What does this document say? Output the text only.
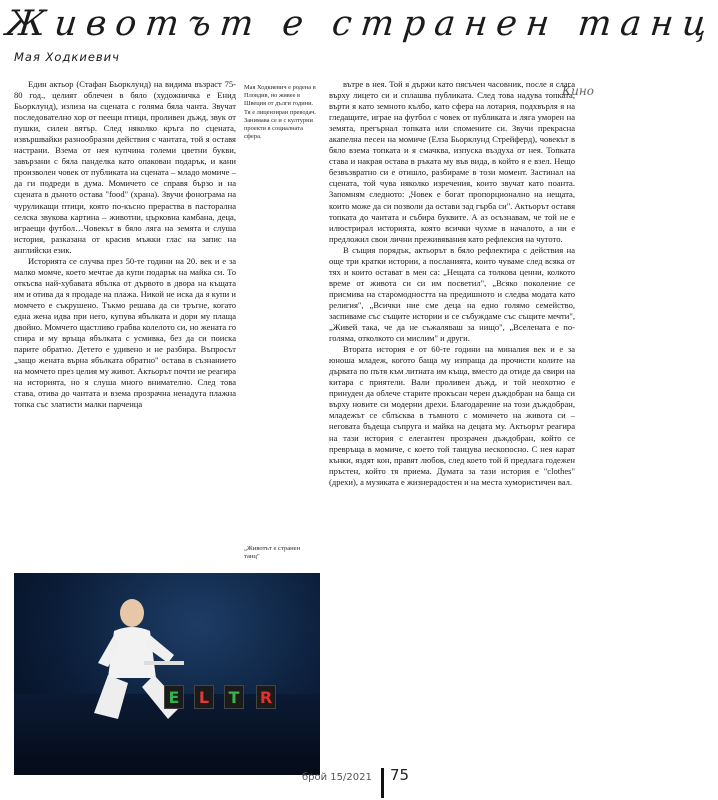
Животът е странен танц
Мая Ходкиевич
Кино

Един актьор (Стафан Бьорклунд) на видима възраст 75-80 год., целият облечен в бяло (художничка е Енид Бьорклунд), излиза на сцената с голяма бяла чанта. Звучат последователно хор от пеещи птици, проливен дъжд, звук от пушки, силен вятър. След няколко кръга по сцената, извършвайки разнообразни действия с чантата, той я оставя настрани. Взема от нея купчина големи цветни букви, завързани с бяла панделка като опакован подарък, и кани произволен човек от публиката на сцената – младо момиче – да ги подреди в дума. Момичето се справя бързо и на сцената в дъното остава "food" (храна). Звучи фонограма на чуруликащи птици, която по-късно прераства в пасторална селска звукова картина – животни, църковна камбана, деца, играещи футбол…Човекът в бяло ляга на земята и слуша история, разказана от красив мъжки глас на запис на английски език.

Историята се случва през 50-те години на 20. век и е за малко момче, което мечтае да купи подарък на майка си. То откъсва най-хубавата ябълка от дървото в двора на къщата им и отива да я продаде на плажа. Никой не иска да я купи и момчето е съкрушено. Тъкмо решава да си тръгне, когато една жена идва при него, купува ябълката и дори му плаща двойно. Момчето щастливо грабва колелото си, но жената го спира и му връща ябълката с усмивка, без да си поиска парите обратно. Детето е удивено и не разбира. Въпросът „защо жената върна ябълката обратно" остава в съзнанието на момчето през целия му живот. Актьорът почти не реагира на историята, но я слуша много внимателно. След това става, отива до чантата и взема прозрачна ненадута плажна топка със златисти малки парченца

Мая Ходкиевич е родена в Пловдив, но живее в Швеция от дълги години. Тя е лицензиран преводач. Занимава се и с културни проекти в социалната сфера.
„Животът е странен танц"

вътре в нея. Той я държи като пясъчен часовник, после я слага върху лицето си и сплашва публиката. След това надува топката, върти я като земното кълбо, като сфера на лотария, подхвърля я на гледащите, играе на футбол с човек от публиката и ляга уморен на земята, прегърнал топката или спомените си. Звучи прекрасна акапелна песен на момиче (Елза Бьорклунд Стрейферд), човекът в бяло взема топката и я смачква, изпуска въздуха от нея. Топката става и накрая остава в ръката му във вида, в който я е взел. Нещо безвъзвратно си е отишло, разбираме в този момент. Застинал на сцената, той чува няколко изречения, които звучат като поанта. Запомням следното: „Човек е богат пропорционално на нещата, които може да си позволи да остави зад гърба си". Актьорът оставя топката до чантата и събира буквите. А аз осъзнавам, че той не е илюстрирал историята, която всички чухме в началото, а ни е предложил свои лични преживявания като рефлексия на чутото.

В същия порядък, актьорът в бяло рефлектира с действия на още три кратки истории, а посланията, които чуваме след всяка от тях и които остават в мен са: „Нещата са толкова ценни, колкото време от живота си си им посветил", „Всяко поколение се присмива на старомодността на предишното и следва модата като религия", „Всички ние сме деца на едно голямо семейство, заспиваме със същите истории и се събуждаме със същите мечти", „Живей така, че да не съжаляваш за нищо", „Вселената е по-голяма, отколкото си мислим" и други.

Втората история е от 60-те години на миналия век и е за юношa младеж, когото баща му изпраща да прочисти колите на дървата по пътя към литната им къща, вместо да отиде да свири на китара с приятели. Вали проливен дъжд, и той неохотно е принуден да облече старите прокъсан черен дъждобран на баща си върху новите си модерни дрехи. Благодарение на този дъждобран, младежът се сблъсква в тъмното с момичето на живота си – неговата бъдеща съпруга и майка на децата му. Актьорът реагира на тази история с елегантен прозрачен дъждобран, който се превръща в момиче, с което той танцува нескопосно. С нея карат кънки, яздят кон, правят любов, след което той й предлага годежен пръстен, който тя приема. Думата за тази история е "clothes" (дрехи), а музиката е жизнерадостен и на места хумористичен вал.

E	L	T R
брой 15/2021 75
